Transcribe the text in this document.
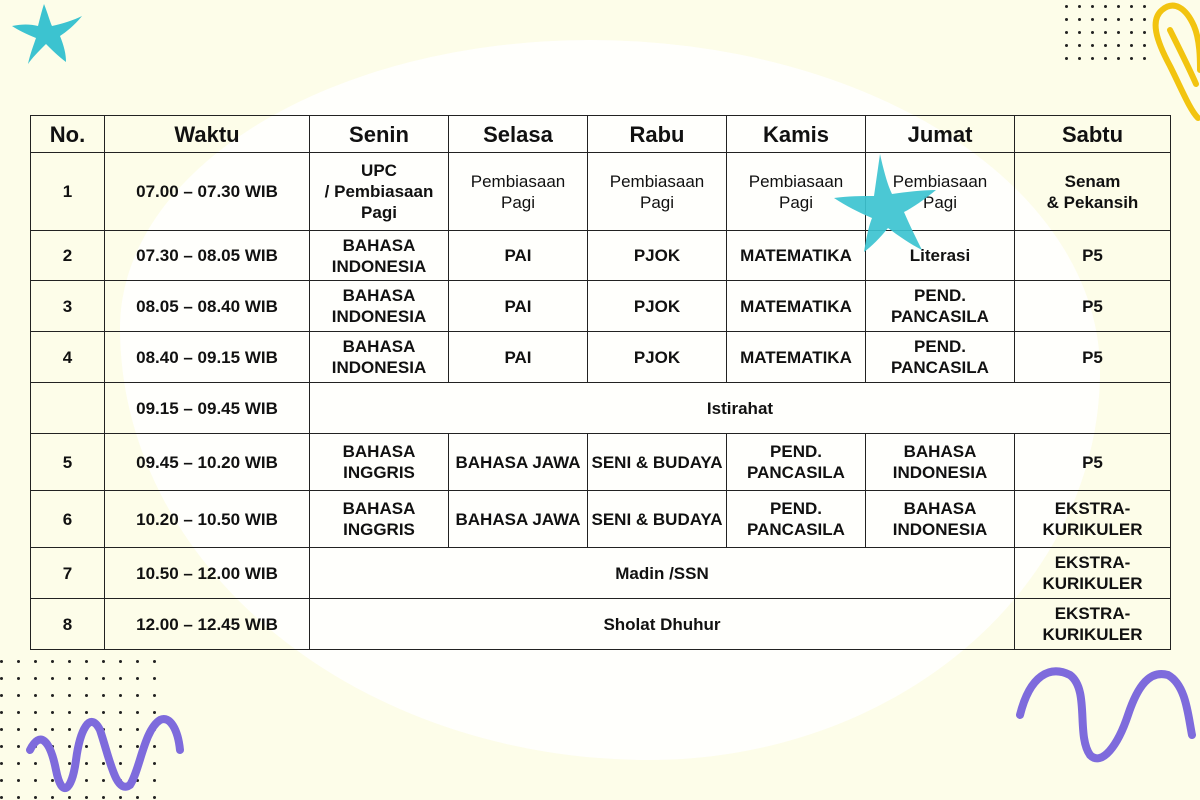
No.	Waktu	Senin	Selasa	Rabu	Kamis	Jumat	Sabtu
1	07.00 – 07.30 WIB	UPC
/ Pembiasaan
Pagi	Pembiasaan
Pagi	Pembiasaan
Pagi	Pembiasaan
Pagi	Pembiasaan
Pagi	Senam
& Pekansih

2	07.30 – 08.05 WIB	BAHASA
INDONESIA	PAI	PJOK	MATEMATIKA	Literasi	P5

3	08.05 – 08.40 WIB	BAHASA
INDONESIA	PAI	PJOK	MATEMATIKA	PEND.
PANCASILA	P5

4	08.40 – 09.15 WIB	BAHASA
INDONESIA	PAI	PJOK	MATEMATIKA	PEND.
PANCASILA	P5

	09.15 – 09.45 WIB	Istirahat					
5	09.45 – 10.20 WIB	BAHASA
INGGRIS	BAHASA JAWA	SENI & BUDAYA	PEND.
PANCASILA	BAHASA
INDONESIA	P5

6	10.20 – 10.50 WIB	BAHASA
INGGRIS	BAHASA JAWA	SENI & BUDAYA	PEND.
PANCASILA	BAHASA
INDONESIA	EKSTRA-
KURIKULER

7	10.50 – 12.00 WIB	Madin /SSN					EKSTRA-
KURIKULER

8	12.00 – 12.45 WIB	Sholat Dhuhur					EKSTRA-
KURIKULER
